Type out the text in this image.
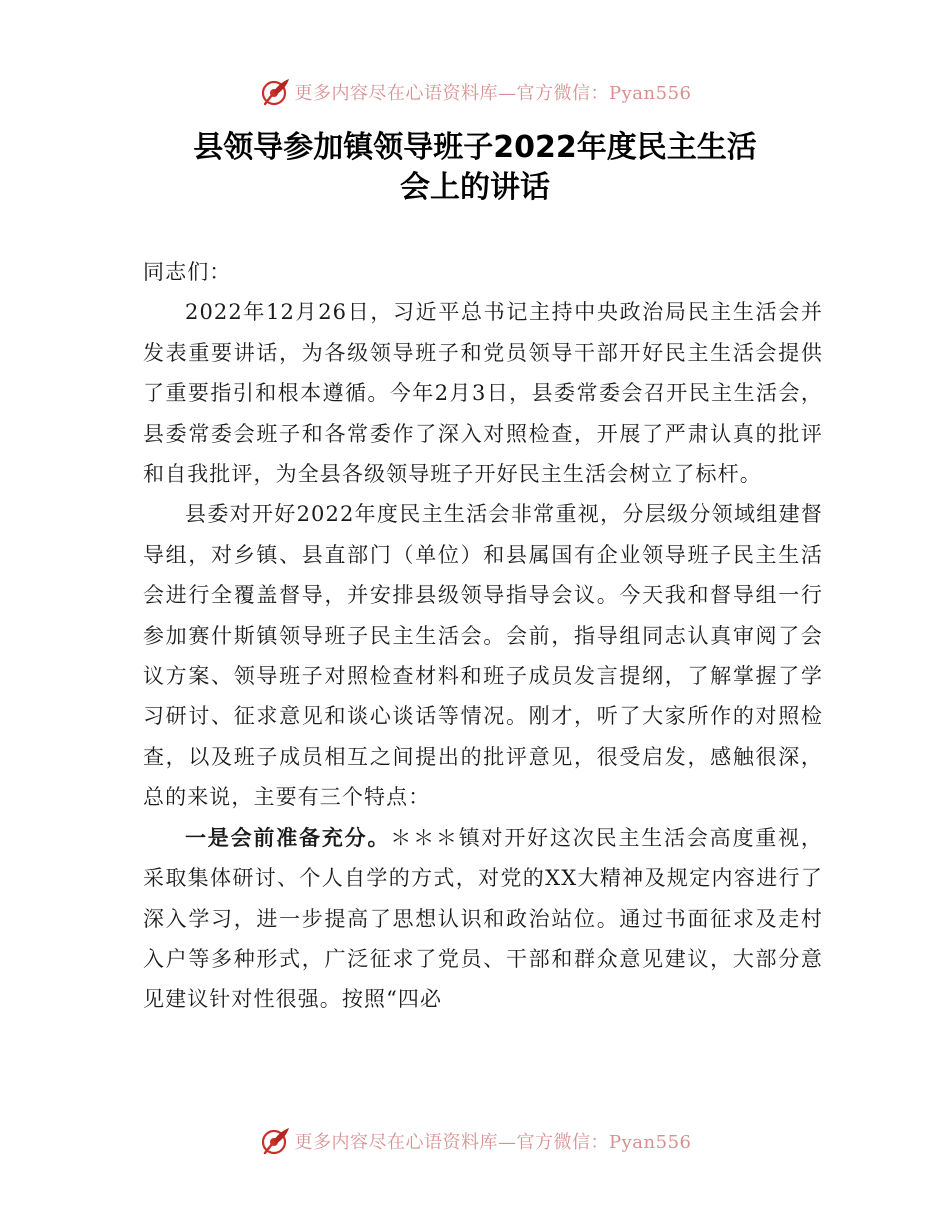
更多内容尽在心语资料库—官方微信：Pyan556
县领导参加镇领导班子2022年度民主生活
会上的讲话

同志们：

2022年12月26日，习近平总书记主持中央政治局民主生活会并发表重要讲话，为各级领导班子和党员领导干部开好民主生活会提供了重要指引和根本遵循。今年2月3日，县委常委会召开民主生活会，县委常委会班子和各常委作了深入对照检查，开展了严肃认真的批评和自我批评，为全县各级领导班子开好民主生活会树立了标杆。

县委对开好2022年度民主生活会非常重视，分层级分领域组建督导组，对乡镇、县直部门（单位）和县属国有企业领导班子民主生活会进行全覆盖督导，并安排县级领导指导会议。今天我和督导组一行参加赛什斯镇领导班子民主生活会。会前，指导组同志认真审阅了会议方案、领导班子对照检查材料和班子成员发言提纲，了解掌握了学习研讨、征求意见和谈心谈话等情况。刚才，听了大家所作的对照检查，以及班子成员相互之间提出的批评意见，很受启发，感触很深，总的来说，主要有三个特点：

一是会前准备充分。＊＊＊镇对开好这次民主生活会高度重视，采取集体研讨、个人自学的方式，对党的XX大精神及规定内容进行了深入学习，进一步提高了思想认识和政治站位。通过书面征求及走村入户等多种形式，广泛征求了党员、干部和群众意见建议，大部分意见建议针对性很强。按照“四必

更多内容尽在心语资料库—官方微信：Pyan556
